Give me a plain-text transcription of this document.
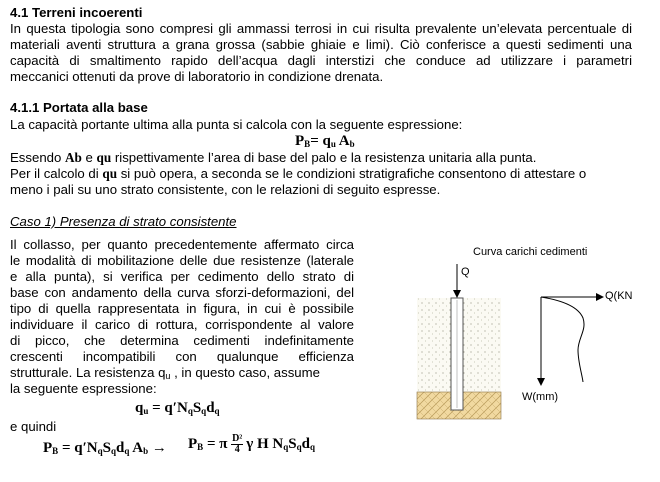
4.1 Terreni incoerenti
In questa tipologia sono compresi gli ammassi terrosi in cui risulta prevalente un’elevata percentuale di
materiali aventi struttura a grana grossa (sabbie ghiaie e limi). Ciò conferisce a questi sedimenti una
capacità di smaltimento rapido dell’acqua dagli interstizi che conduce ad utilizzare i parametri
meccanici ottenuti da prove di laboratorio in condizione drenata.
4.1.1 Portata alla base
La capacità portante ultima alla punta si calcola con la seguente espressione:
$P_B= q_u$ $A_b$
Essendo Ab e qu rispettivamente l’area di base del palo e la resistenza unitaria alla punta.
Per il calcolo di qu si può opera, a seconda se le condizioni stratigrafiche consentono di attestare o
meno i pali su uno strato consistente, con le relazioni di seguito espresse.
Caso 1) Presenza di strato consistente
Il collasso, per quanto precedentemente affermato circa
le modalità di mobilitazione delle due resistenze (laterale
e alla punta), si verifica per cedimento dello strato di
base con andamento della curva sforzi-deformazioni, del
tipo di quella rappresentata in figura, in cui è possibile
individuare il carico di rottura, corrispondente al valore
di picco, che determina cedimenti indefinitamente
crescenti incompatibili con qualunque efficienza
strutturale. La resistenza $q_u$ , in questo caso, assume
la seguente espressione:
$q_u = q'N_qS_qd_q$
e quindi
$P_B = q'N_qS_qd_q$ $A_b \to P_B = \pi$ D²
4 γ H $N_qS_qd_q$
Curva carichi cedimenti
Q
Q(KN
W(mm)
